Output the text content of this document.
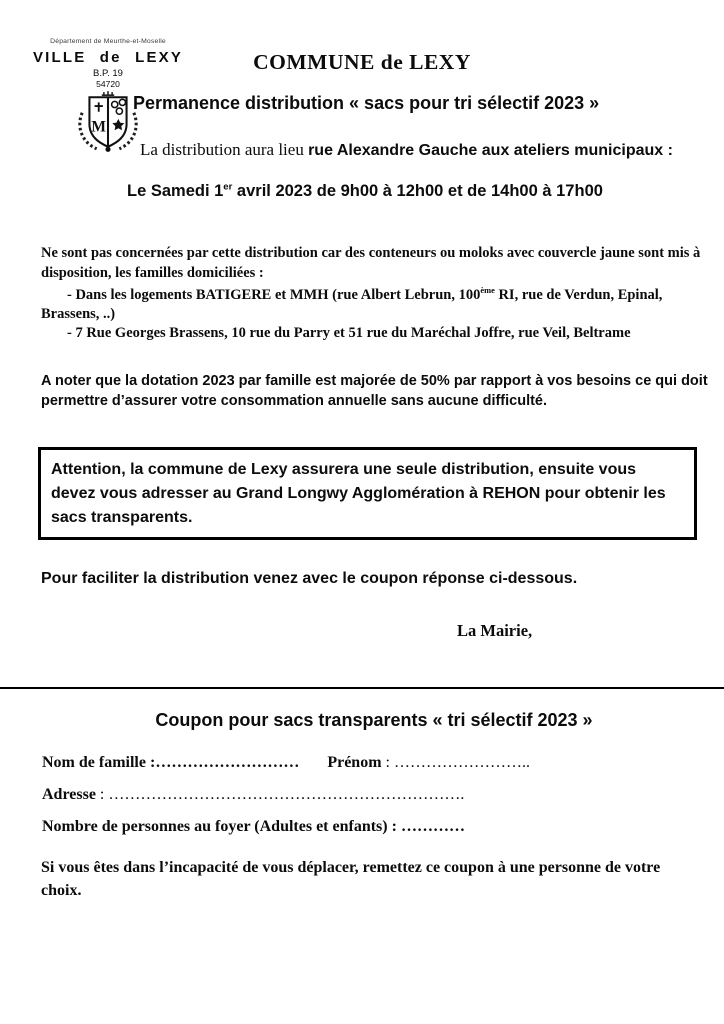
Département de Meurthe-et-Moselle
VILLE de LEXY
B.P. 19
54720
M
COMMUNE de LEXY
Permanence distribution « sacs pour tri sélectif 2023 »

La distribution aura lieu rue Alexandre Gauche aux ateliers municipaux :

Le Samedi 1er avril 2023 de 9h00 à 12h00 et de 14h00 à 17h00

Ne sont pas concernées par cette distribution car des conteneurs ou moloks avec couvercle jaune sont mis à disposition, les familles domiciliées :

- Dans les logements BATIGERE et MMH (rue Albert Lebrun, 100ème RI, rue de Verdun, Epinal, Brassens, ..)

- 7 Rue Georges Brassens, 10 rue du Parry et 51 rue du Maréchal Joffre, rue Veil, Beltrame

A noter que la dotation 2023 par famille est majorée de 50% par rapport à vos besoins ce qui doit permettre d’assurer votre consommation annuelle sans aucune difficulté.

Attention, la commune de Lexy assurera une seule distribution, ensuite vous devez vous adresser au Grand Longwy Agglomération à REHON pour obtenir les sacs transparents.

Pour faciliter la distribution venez avec le coupon réponse ci-dessous.

La Mairie,

Coupon pour sacs transparents « tri sélectif 2023 »

Nom de famille :……………………… Prénom : ……………………..

Adresse : ………………………………………………………….

Nombre de personnes au foyer (Adultes et enfants) : …………

Si vous êtes dans l’incapacité de vous déplacer, remettez ce coupon à une personne de votre choix.
